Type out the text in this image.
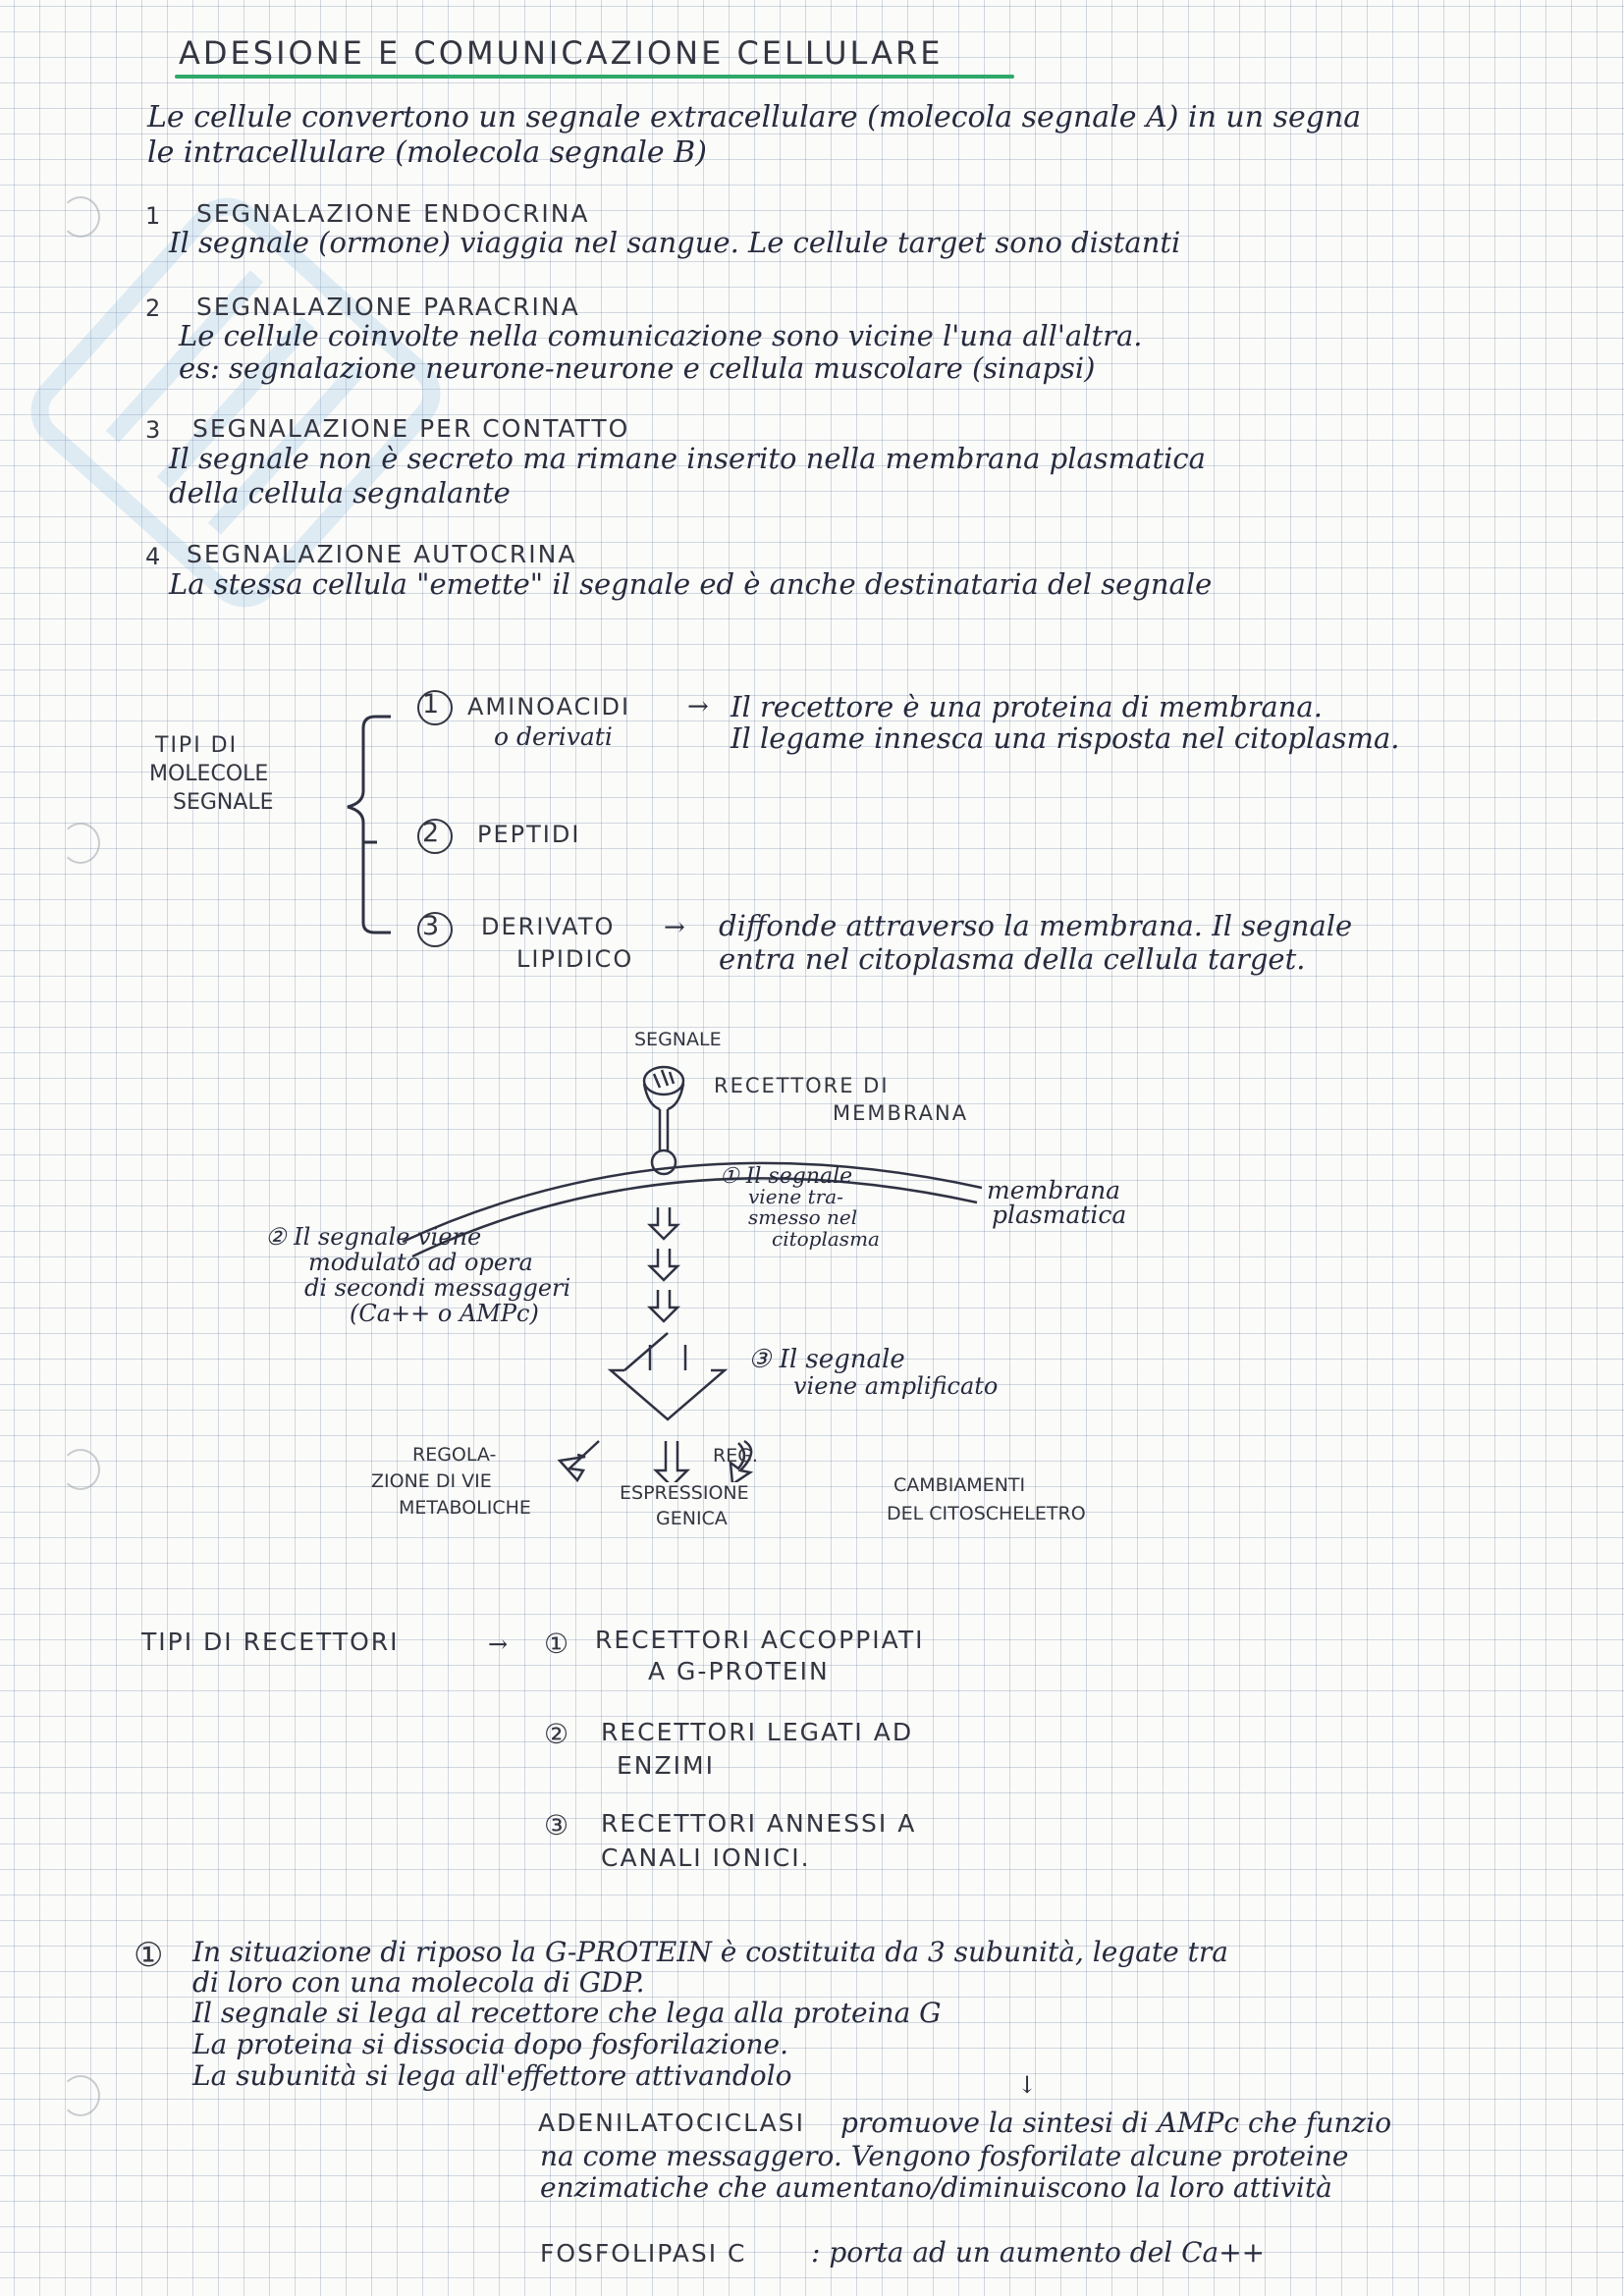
ADESIONE E COMUNICAZIONE CELLULARE
Le cellule convertono un segnale extracellulare (molecola segnale A) in un segna
le intracellulare (molecola segnale B)
1 SEGNALAZIONE ENDOCRINA
Il segnale (ormone) viaggia nel sangue. Le cellule target sono distanti
2 SEGNALAZIONE PARACRINA
Le cellule coinvolte nella comunicazione sono vicine l'una all'altra.
es: segnalazione neurone-neurone e cellula muscolare (sinapsi)
3 SEGNALAZIONE PER CONTATTO
Il segnale non è secreto ma rimane inserito nella membrana plasmatica
della cellula segnalante
4 SEGNALAZIONE AUTOCRINA
La stessa cellula "emette" il segnale ed è anche destinataria del segnale
TIPI DI
MOLECOLE
SEGNALE
1 AMINOACIDI
o derivati
→ Il recettore è una proteina di membrana.
Il legame innesca una risposta nel citoplasma.
2 PEPTIDI
3 DERIVATO
LIPIDICO
→ diffonde attraverso la membrana. Il segnale
entra nel citoplasma della cellula target.
SEGNALE
RECETTORE DI
MEMBRANA
membrana
plasmatica
① Il segnale
viene tra-
smesso nel
citoplasma
② Il segnale viene
modulato ad opera
di secondi messaggeri
(Ca++ o AMPc)
③ Il segnale
viene amplificato
REGOLA-
ZIONE DI VIE
METABOLICHE
REG.
ESPRESSIONE
GENICA
CAMBIAMENTI
DEL CITOSCHELETRO
TIPI DI RECETTORI	→ ① RECETTORI ACCOPPIATI
A G-PROTEIN
② RECETTORI LEGATI AD
ENZIMI
③ RECETTORI ANNESSI A
CANALI IONICI.
① In situazione di riposo la G-PROTEIN è costituita da 3 subunità, legate tra
di loro con una molecola di GDP.
Il segnale si lega al recettore che lega alla proteina G
La proteina si dissocia dopo fosforilazione.
La subunità si lega all'effettore attivandolo	↓
ADENILATOCICLASI promuove la sintesi di AMPc che funzio
na come messaggero. Vengono fosforilate alcune proteine
enzimatiche che aumentano/diminuiscono la loro attività
FOSFOLIPASI C : porta ad un aumento del Ca++
